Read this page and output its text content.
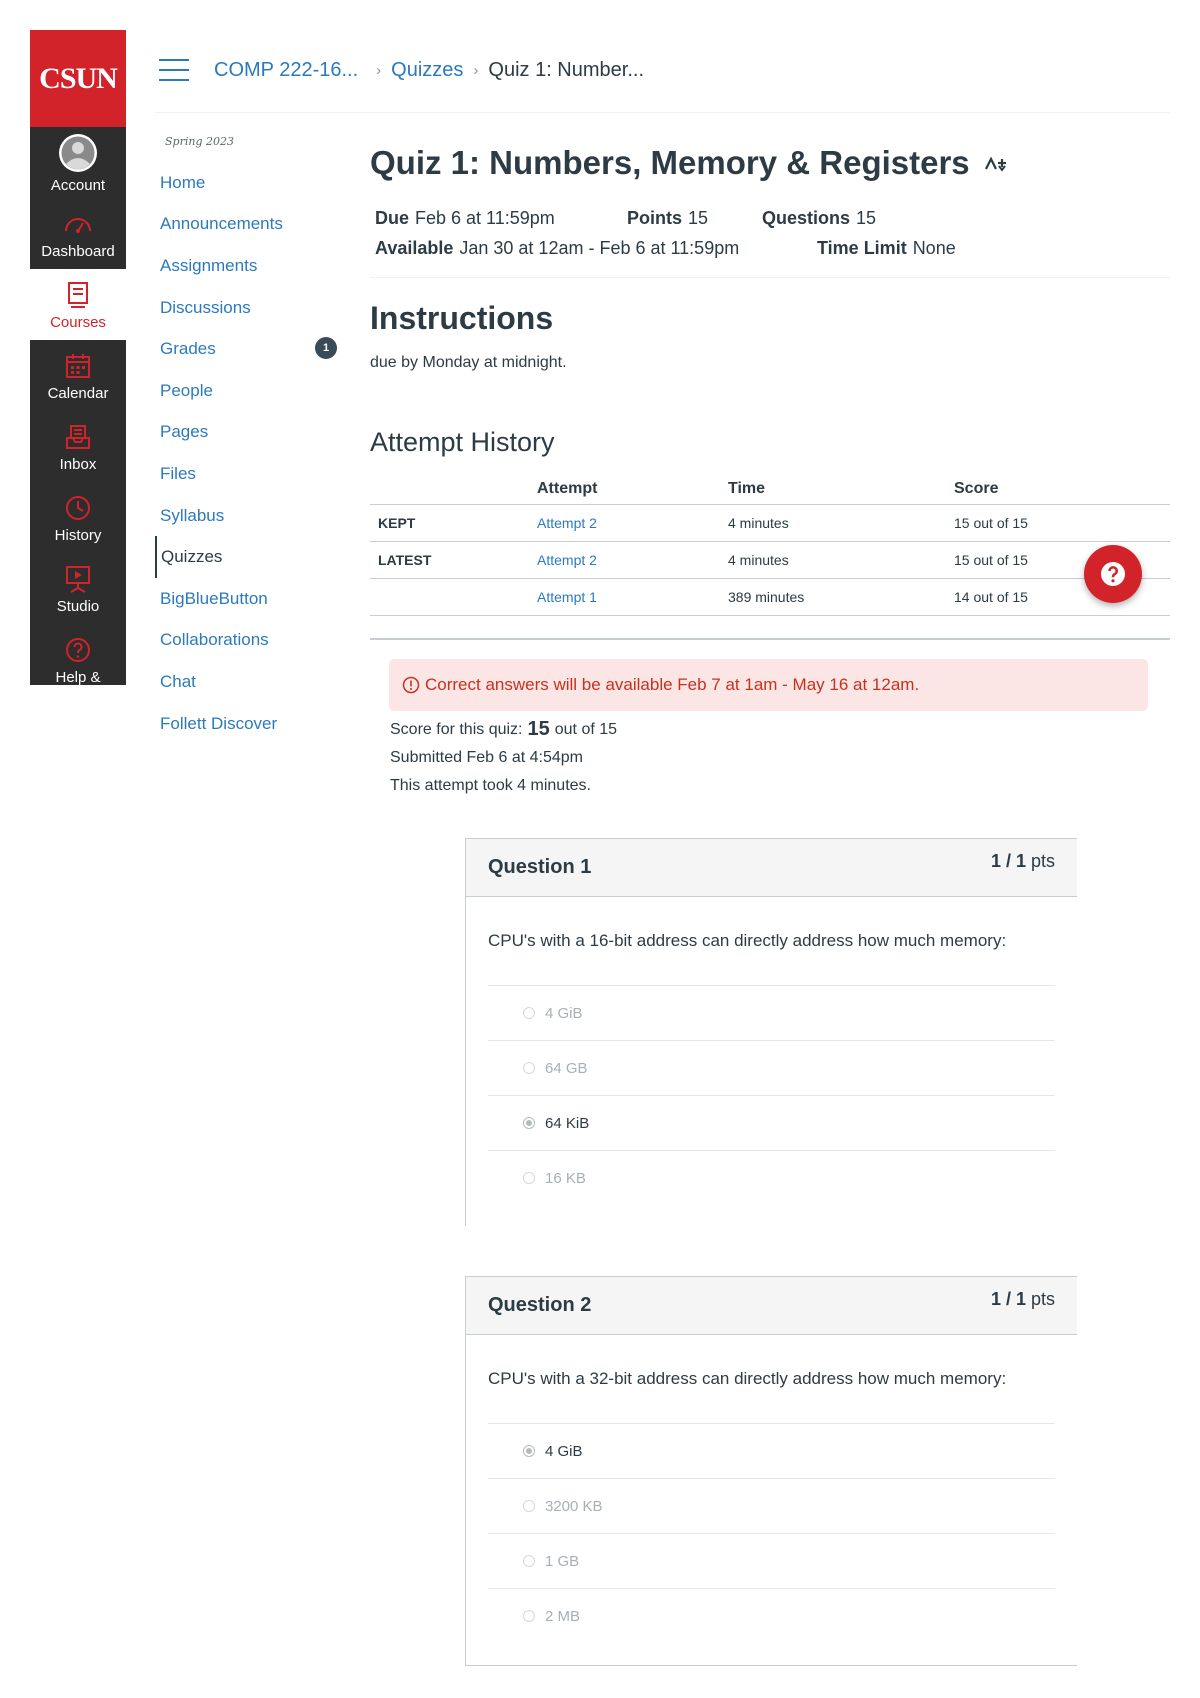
CSUN
Account
Dashboard
Courses
Calendar
Inbox
History
Studio
Help &
COMP 222-16... › Quizzes › Quiz 1: Number...
Spring 2023
Home
Announcements
Assignments
Discussions
Grades	1
People
Pages
Files
Syllabus
Quizzes
BigBlueButton
Collaborations
Chat
Follett Discover
Quiz 1: Numbers, Memory & Registers
Due Feb 6 at 11:59pm	Points 15	Questions 15
Available Jan 30 at 12am - Feb 6 at 11:59pm	Time Limit None
Instructions

due by Monday at midnight.

Attempt History
	Attempt	Time	Score
KEPT	Attempt 2	4 minutes	15 out of 15
LATEST	Attempt 2	4 minutes	15 out of 15
	Attempt 1	389 minutes	14 out of 15
Correct answers will be available Feb 7 at 1am - May 16 at 12am.
Score for this quiz: 15 out of 15
Submitted Feb 6 at 4:54pm
This attempt took 4 minutes.
Question 1	1 / 1 pts
CPU's with a 16-bit address can directly address how much memory:
4 GiB
64 GB
64 KiB
16 KB
Question 2	1 / 1 pts
CPU's with a 32-bit address can directly address how much memory:
4 GiB
3200 KB
1 GB
2 MB
